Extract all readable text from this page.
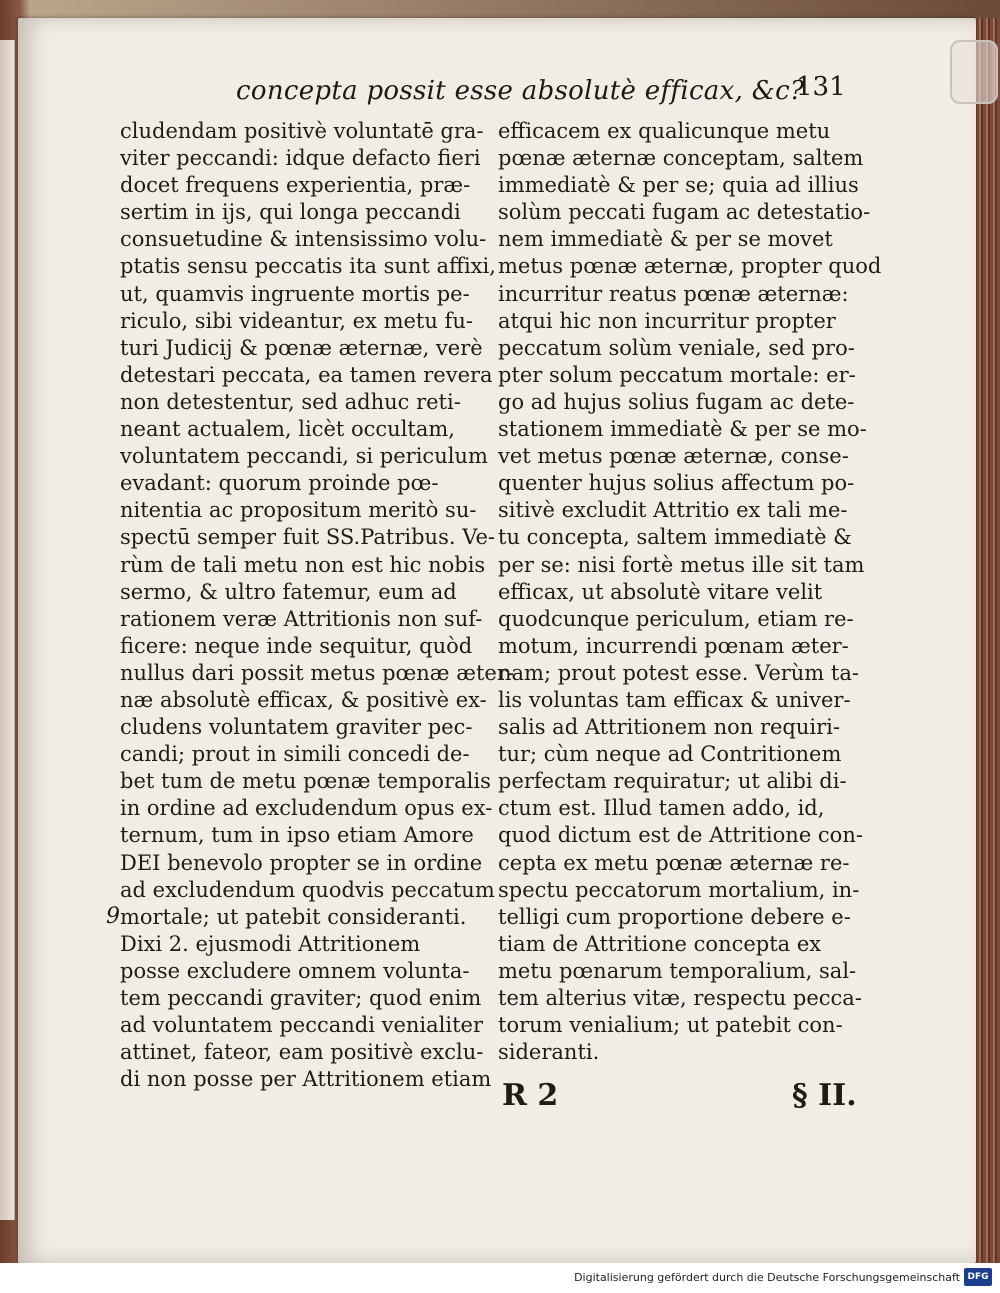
concepta possit esse absolutè efficax, &c?
131
cludendam positivè voluntatē gra-
viter peccandi: idque defacto fieri
docet frequens experientia, præ-
sertim in ijs, qui longa peccandi
consuetudine & intensissimo volu-
ptatis sensu peccatis ita sunt affixi,
ut, quamvis ingruente mortis pe-
riculo, sibi videantur, ex metu fu-
turi Judicij & pœnæ æternæ, verè
detestari peccata, ea tamen revera
non detestentur, sed adhuc reti-
neant actualem, licèt occultam,
voluntatem peccandi, si periculum
evadant: quorum proinde pœ-
nitentia ac propositum meritò su-
spectū semper fuit SS.Patribus. Ve-
rùm de tali metu non est hic nobis
sermo, & ultro fatemur, eum ad
rationem veræ Attritionis non suf-
ficere: neque inde sequitur, quòd
nullus dari possit metus pœnæ æter-
næ absolutè efficax, & positivè ex-
cludens voluntatem graviter pec-
candi; prout in simili concedi de-
bet tum de metu pœnæ temporalis
in ordine ad excludendum opus ex-
ternum, tum in ipso etiam Amore
DEI benevolo propter se in ordine
ad excludendum quodvis peccatum
mortale; ut patebit consideranti.
Dixi 2. ejusmodi Attritionem
posse excludere omnem volunta-
tem peccandi graviter; quod enim
ad voluntatem peccandi venialiter
attinet, fateor, eam positivè exclu-
di non posse per Attritionem etiam
efficacem ex qualicunque metu
pœnæ æternæ conceptam, saltem
immediatè & per se; quia ad illius
solùm peccati fugam ac detestatio-
nem immediatè & per se movet
metus pœnæ æternæ, propter quod
incurritur reatus pœnæ æternæ:
atqui hic non incurritur propter
peccatum solùm veniale, sed pro-
pter solum peccatum mortale: er-
go ad hujus solius fugam ac dete-
stationem immediatè & per se mo-
vet metus pœnæ æternæ, conse-
quenter hujus solius affectum po-
sitivè excludit Attritio ex tali me-
tu concepta, saltem immediatè &
per se: nisi fortè metus ille sit tam
efficax, ut absolutè vitare velit
quodcunque periculum, etiam re-
motum, incurrendi pœnam æter-
nam; prout potest esse. Verùm ta-
lis voluntas tam efficax & univer-
salis ad Attritionem non requiri-
tur; cùm neque ad Contritionem
perfectam requiratur; ut alibi di-
ctum est. Illud tamen addo, id,
quod dictum est de Attritione con-
cepta ex metu pœnæ æternæ re-
spectu peccatorum mortalium, in-
telligi cum proportione debere e-
tiam de Attritione concepta ex
metu pœnarum temporalium, sal-
tem alterius vitæ, respectu pecca-
torum venialium; ut patebit con-
sideranti.
9
R 2	§ II.
Digitalisierung gefördert durch die Deutsche Forschungsgemeinschaft DFG
